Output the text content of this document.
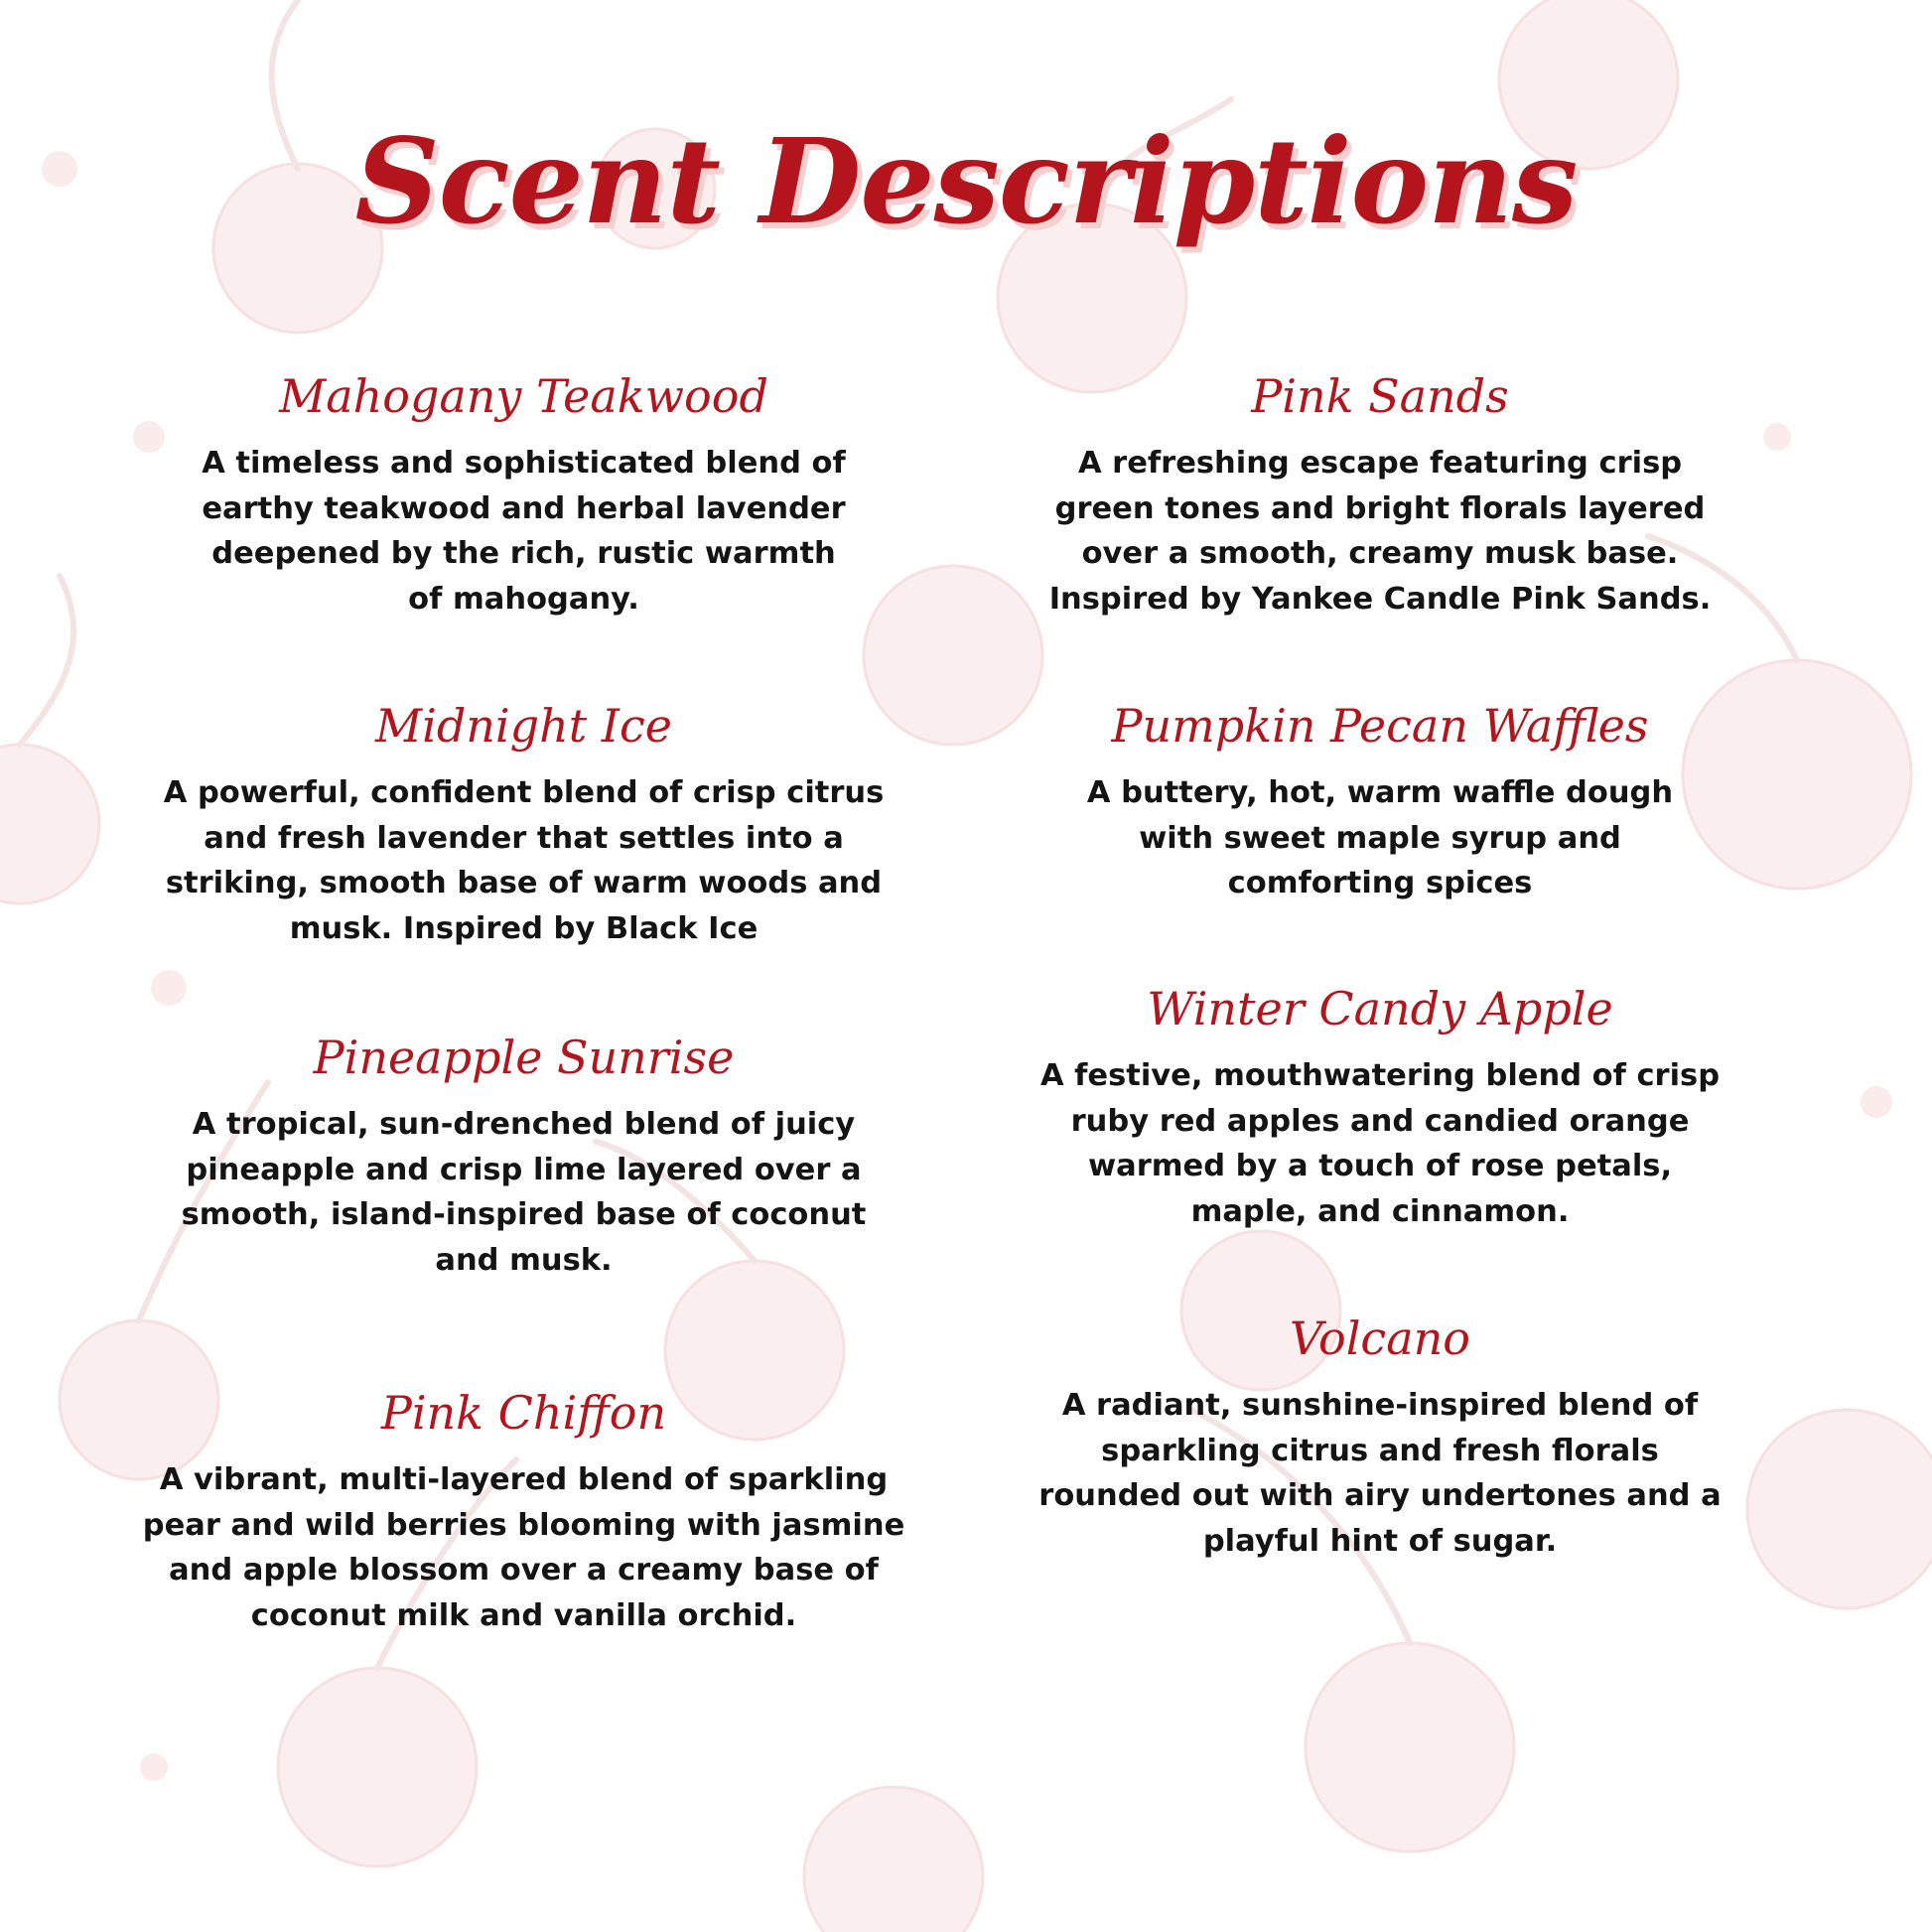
Scent Descriptions
Mahogany Teakwood

A timeless and sophisticated blend of
earthy teakwood and herbal lavender
deepened by the rich, rustic warmth
of mahogany.

Midnight Ice

A powerful, confident blend of crisp citrus
and fresh lavender that settles into a
striking, smooth base of warm woods and
musk. Inspired by Black Ice

Pineapple Sunrise

A tropical, sun-drenched blend of juicy
pineapple and crisp lime layered over a
smooth, island-inspired base of coconut
and musk.

Pink Chiffon

A vibrant, multi-layered blend of sparkling
pear and wild berries blooming with jasmine
and apple blossom over a creamy base of
coconut milk and vanilla orchid.

Pink Sands

A refreshing escape featuring crisp
green tones and bright florals layered
over a smooth, creamy musk base.
Inspired by Yankee Candle Pink Sands.

Pumpkin Pecan Waffles

A buttery, hot, warm waffle dough
with sweet maple syrup and
comforting spices

Winter Candy Apple

A festive, mouthwatering blend of crisp
ruby red apples and candied orange
warmed by a touch of rose petals,
maple, and cinnamon.

Volcano

A radiant, sunshine-inspired blend of
sparkling citrus and fresh florals
rounded out with airy undertones and a
playful hint of sugar.
